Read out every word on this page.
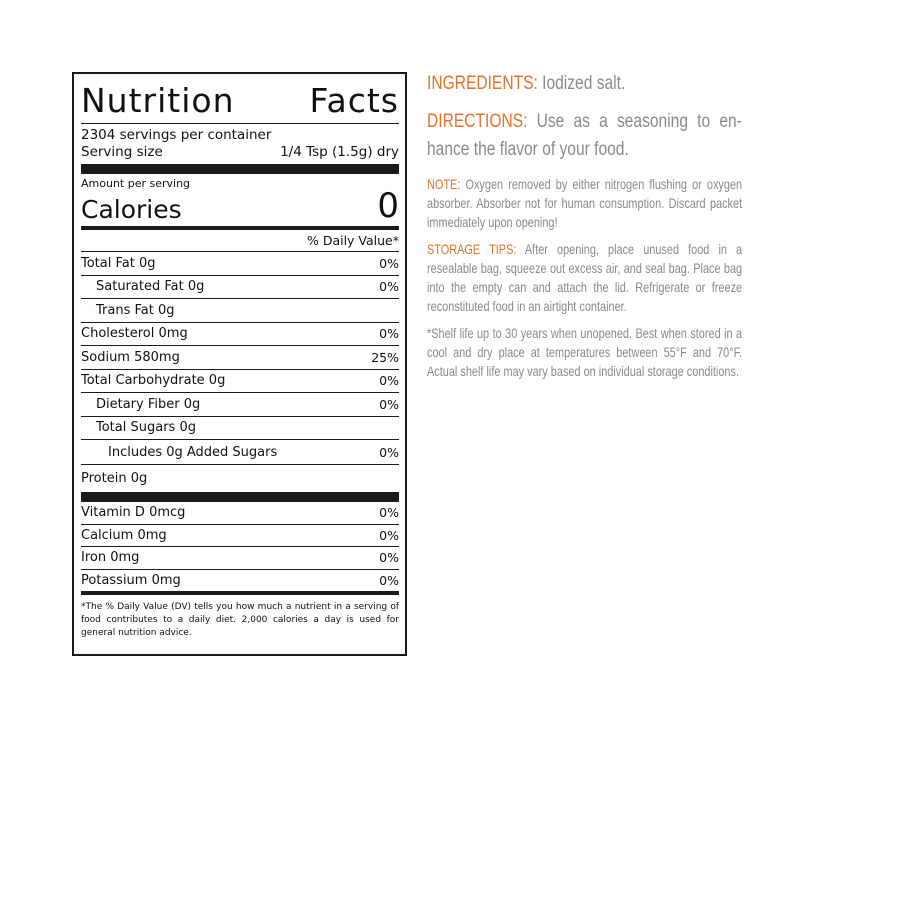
Nutrition Facts
2304 servings per container
Serving size	1/4 Tsp (1.5g) dry
Amount per serving
Calories	0
% Daily Value*
Total Fat 0g	0%
Saturated Fat 0g	0%
Trans Fat 0g
Cholesterol 0mg	0%
Sodium 580mg	25%
Total Carbohydrate 0g	0%
Dietary Fiber 0g	0%
Total Sugars 0g
Includes 0g Added Sugars	0%
Protein 0g
Vitamin D 0mcg	0%
Calcium 0mg	0%
Iron 0mg	0%
Potassium 0mg	0%
*The % Daily Value (DV) tells you how much a nutrient in a serving of food contributes to a daily diet. 2,000 calories a day is used for general nutrition advice.

INGREDIENTS: Iodized salt.

DIRECTIONS: Use as a seasoning to en-hance the flavor of your food.

NOTE: Oxygen removed by either nitrogen flushing or oxygen absorber. Absorber not for human consumption. Discard packet immediately upon opening!

STORAGE TIPS: After opening, place unused food in a resealable bag, squeeze out excess air, and seal bag. Place bag into the empty can and attach the lid. Refrigerate or freeze reconstituted food in an airtight container.

*Shelf life up to 30 years when unopened. Best when stored in a cool and dry place at temperatures between 55°F and 70°F. Actual shelf life may vary based on individual storage conditions.
